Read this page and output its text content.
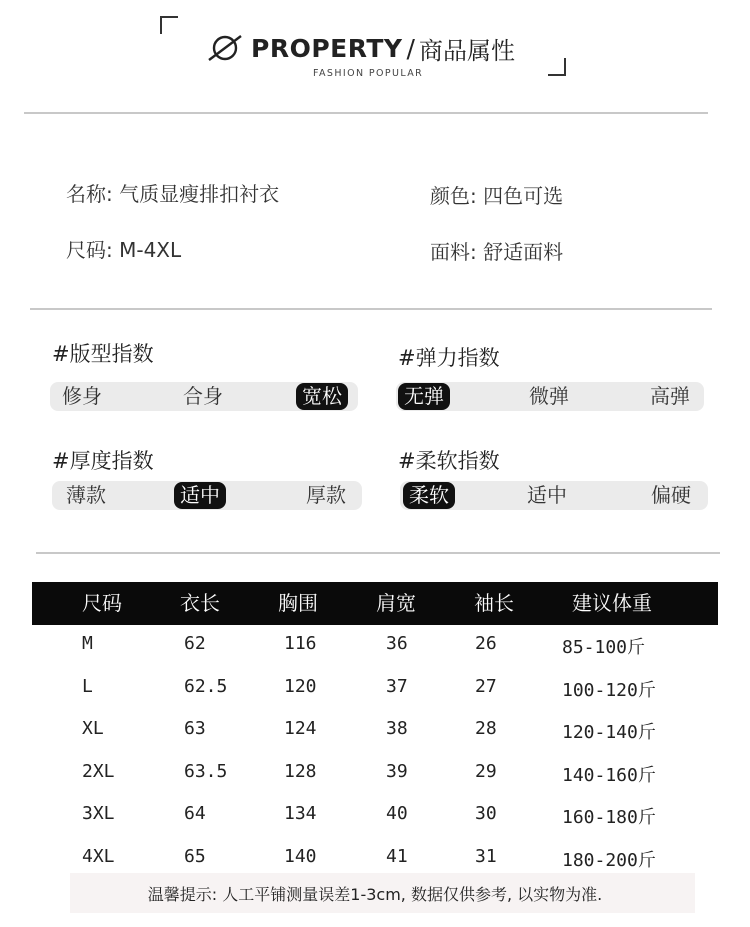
PROPERTY / 商品属性
FASHION POPULAR
名称: 气质显瘦排扣衬衣	颜色: 四色可选
尺码: M-4XL	面料: 舒适面料
#版型指数
修身	合身	宽松
#弹力指数
无弹	微弹	高弹
#厚度指数
薄款	适中	厚款
#柔软指数
柔软	适中	偏硬
尺码	衣长	胸围	肩宽	袖长	建议体重
M	62	116	36	26	85-100斤
L	62.5	120	37	27	100-120斤
XL	63	124	38	28	120-140斤
2XL	63.5	128	39	29	140-160斤
3XL	64	134	40	30	160-180斤
4XL	65	140	41	31	180-200斤
温馨提示: 人工平铺测量误差1-3cm, 数据仅供参考, 以实物为准.
